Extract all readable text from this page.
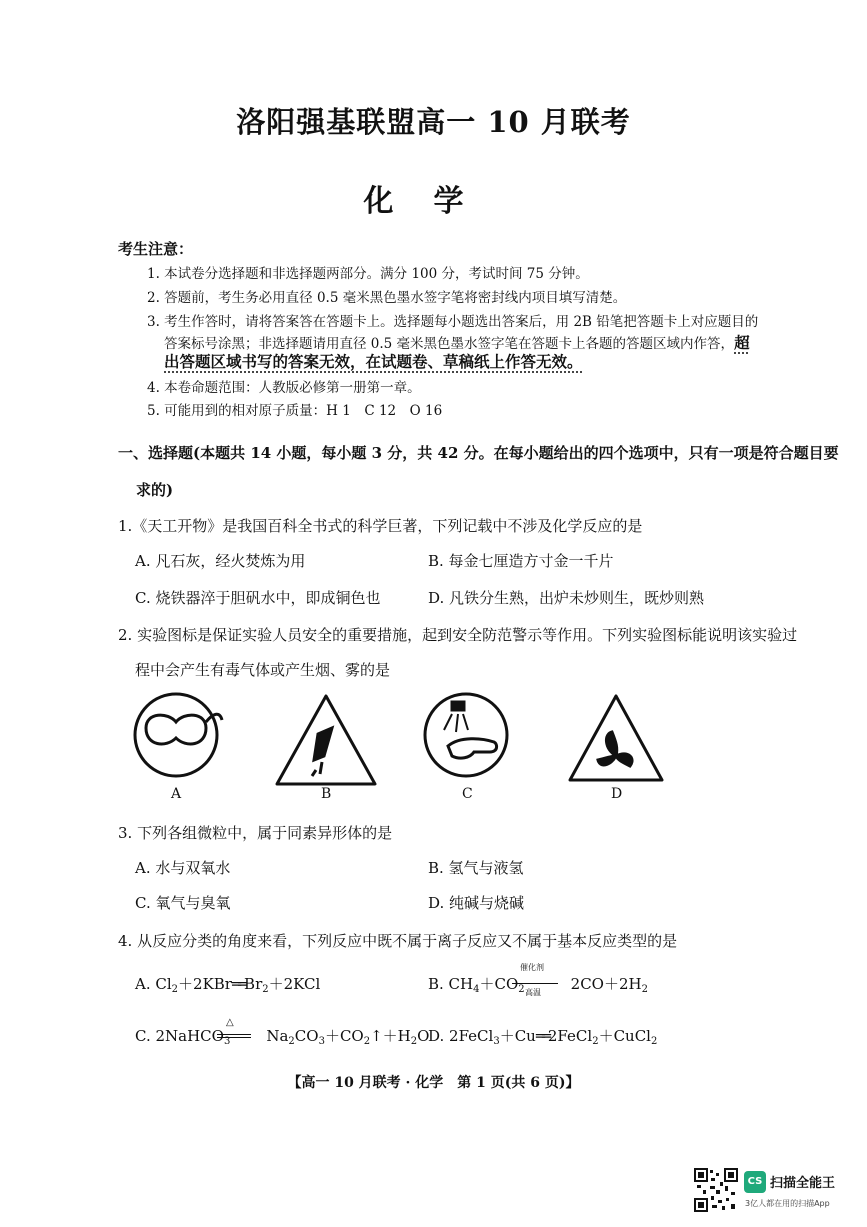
洛阳强基联盟高一 10 月联考
化学
考生注意：
1. 本试卷分选择题和非选择题两部分。满分 100 分，考试时间 75 分钟。
2. 答题前，考生务必用直径 0.5 毫米黑色墨水签字笔将密封线内项目填写清楚。
3. 考生作答时，请将答案答在答题卡上。选择题每小题选出答案后，用 2B 铅笔把答题卡上对应题目的
答案标号涂黑；非选择题请用直径 0.5 毫米黑色墨水签字笔在答题卡上各题的答题区域内作答，超
出答题区域书写的答案无效，在试题卷、草稿纸上作答无效。
4. 本卷命题范围：人教版必修第一册第一章。
5. 可能用到的相对原子质量：H 1　C 12　O 16
一、选择题(本题共 14 小题，每小题 3 分，共 42 分。在每小题给出的四个选项中，只有一项是符合题目要
求的)
1.《天工开物》是我国百科全书式的科学巨著，下列记载中不涉及化学反应的是
A. 凡石灰，经火焚炼为用	B. 每金七厘造方寸金一千片
C. 烧铁器淬于胆矾水中，即成铜色也	D. 凡铁分生熟，出炉未炒则生，既炒则熟
2. 实验图标是保证实验人员安全的重要措施，起到安全防范警示等作用。下列实验图标能说明该实验过
程中会产生有毒气体或产生烟、雾的是
A	B	C	D
3. 下列各组微粒中，属于同素异形体的是
A. 水与双氧水	B. 氢气与液氢
C. 氧气与臭氧	D. 纯碱与烧碱
4. 从反应分类的角度来看，下列反应中既不属于离子反应又不属于基本反应类型的是
A. $Cl_2+2KBr══Br_2+2KCl$	B. $CH_4+CO_2$	$2CO+2H_2$
催化剂
高温
C. 2NaHCO$_3$ $Na_2CO_3+CO_2↑+H_2O$
△
D. 2FeCl$_3$＋Cu══2FeCl$_2$＋CuCl$_2$
【高一 10 月联考 · 化学　第 1 页(共 6 页)】
CS 扫描全能王
3亿人都在用的扫描App
